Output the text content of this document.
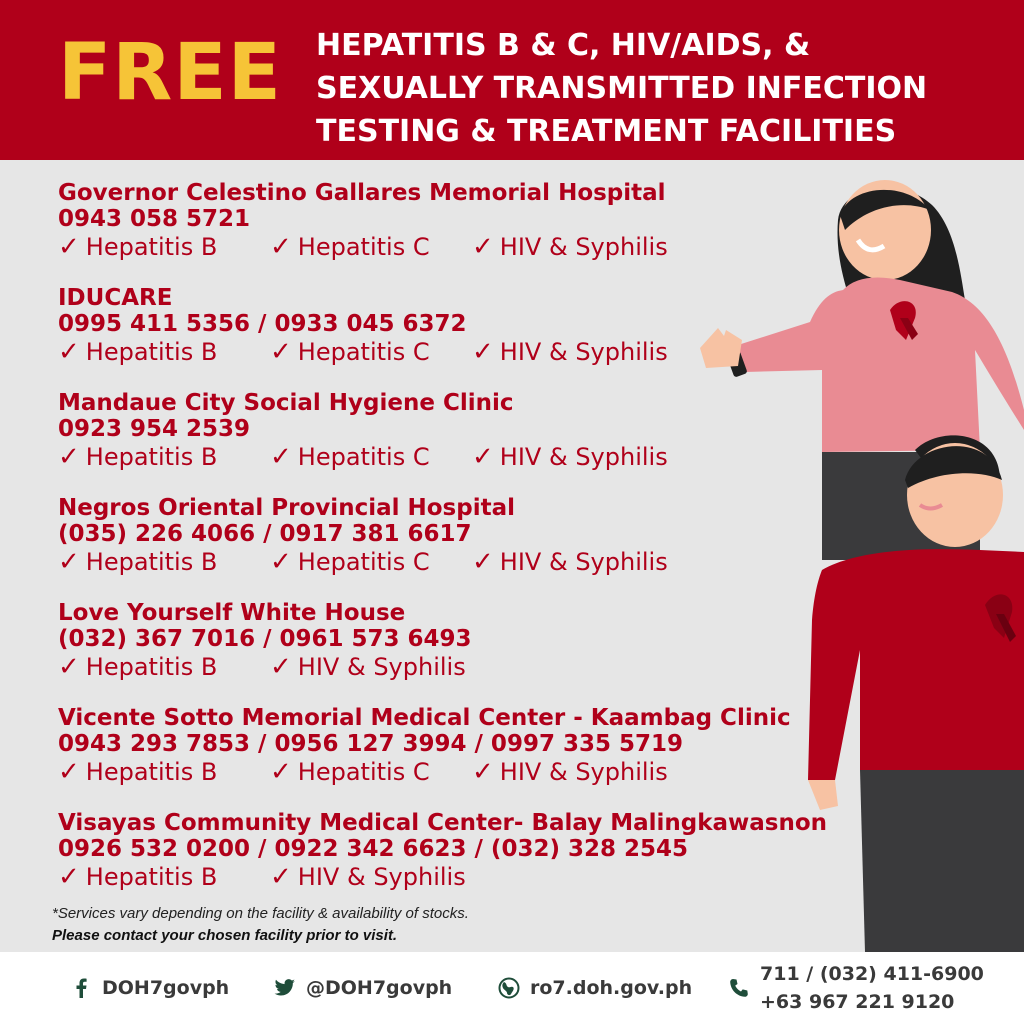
FREE HEPATITIS B & C, HIV/AIDS, &
SEXUALLY TRANSMITTED INFECTION
TESTING & TREATMENT FACILITIES
Governor Celestino Gallares Memorial Hospital
0943 058 5721
✓ Hepatitis B ✓ Hepatitis C ✓ HIV & Syphilis
IDUCARE
0995 411 5356 / 0933 045 6372
✓ Hepatitis B ✓ Hepatitis C ✓ HIV & Syphilis
Mandaue City Social Hygiene Clinic
0923 954 2539
✓ Hepatitis B ✓ Hepatitis C ✓ HIV & Syphilis
Negros Oriental Provincial Hospital
(035) 226 4066 / 0917 381 6617
✓ Hepatitis B ✓ Hepatitis C ✓ HIV & Syphilis
Love Yourself White House
(032) 367 7016 / 0961 573 6493
✓ Hepatitis B ✓ HIV & Syphilis
Vicente Sotto Memorial Medical Center - Kaambag Clinic
0943 293 7853 / 0956 127 3994 / 0997 335 5719
✓ Hepatitis B ✓ Hepatitis C ✓ HIV & Syphilis
Visayas Community Medical Center- Balay Malingkawasnon
0926 532 0200 / 0922 342 6623 / (032) 328 2545
✓ Hepatitis B ✓ HIV & Syphilis
*Services vary depending on the facility & availability of stocks.
Please contact your chosen facility prior to visit.
DOH7govph	@DOH7govph	ro7.doh.gov.ph
711 / (032) 411-6900
+63 967 221 9120
